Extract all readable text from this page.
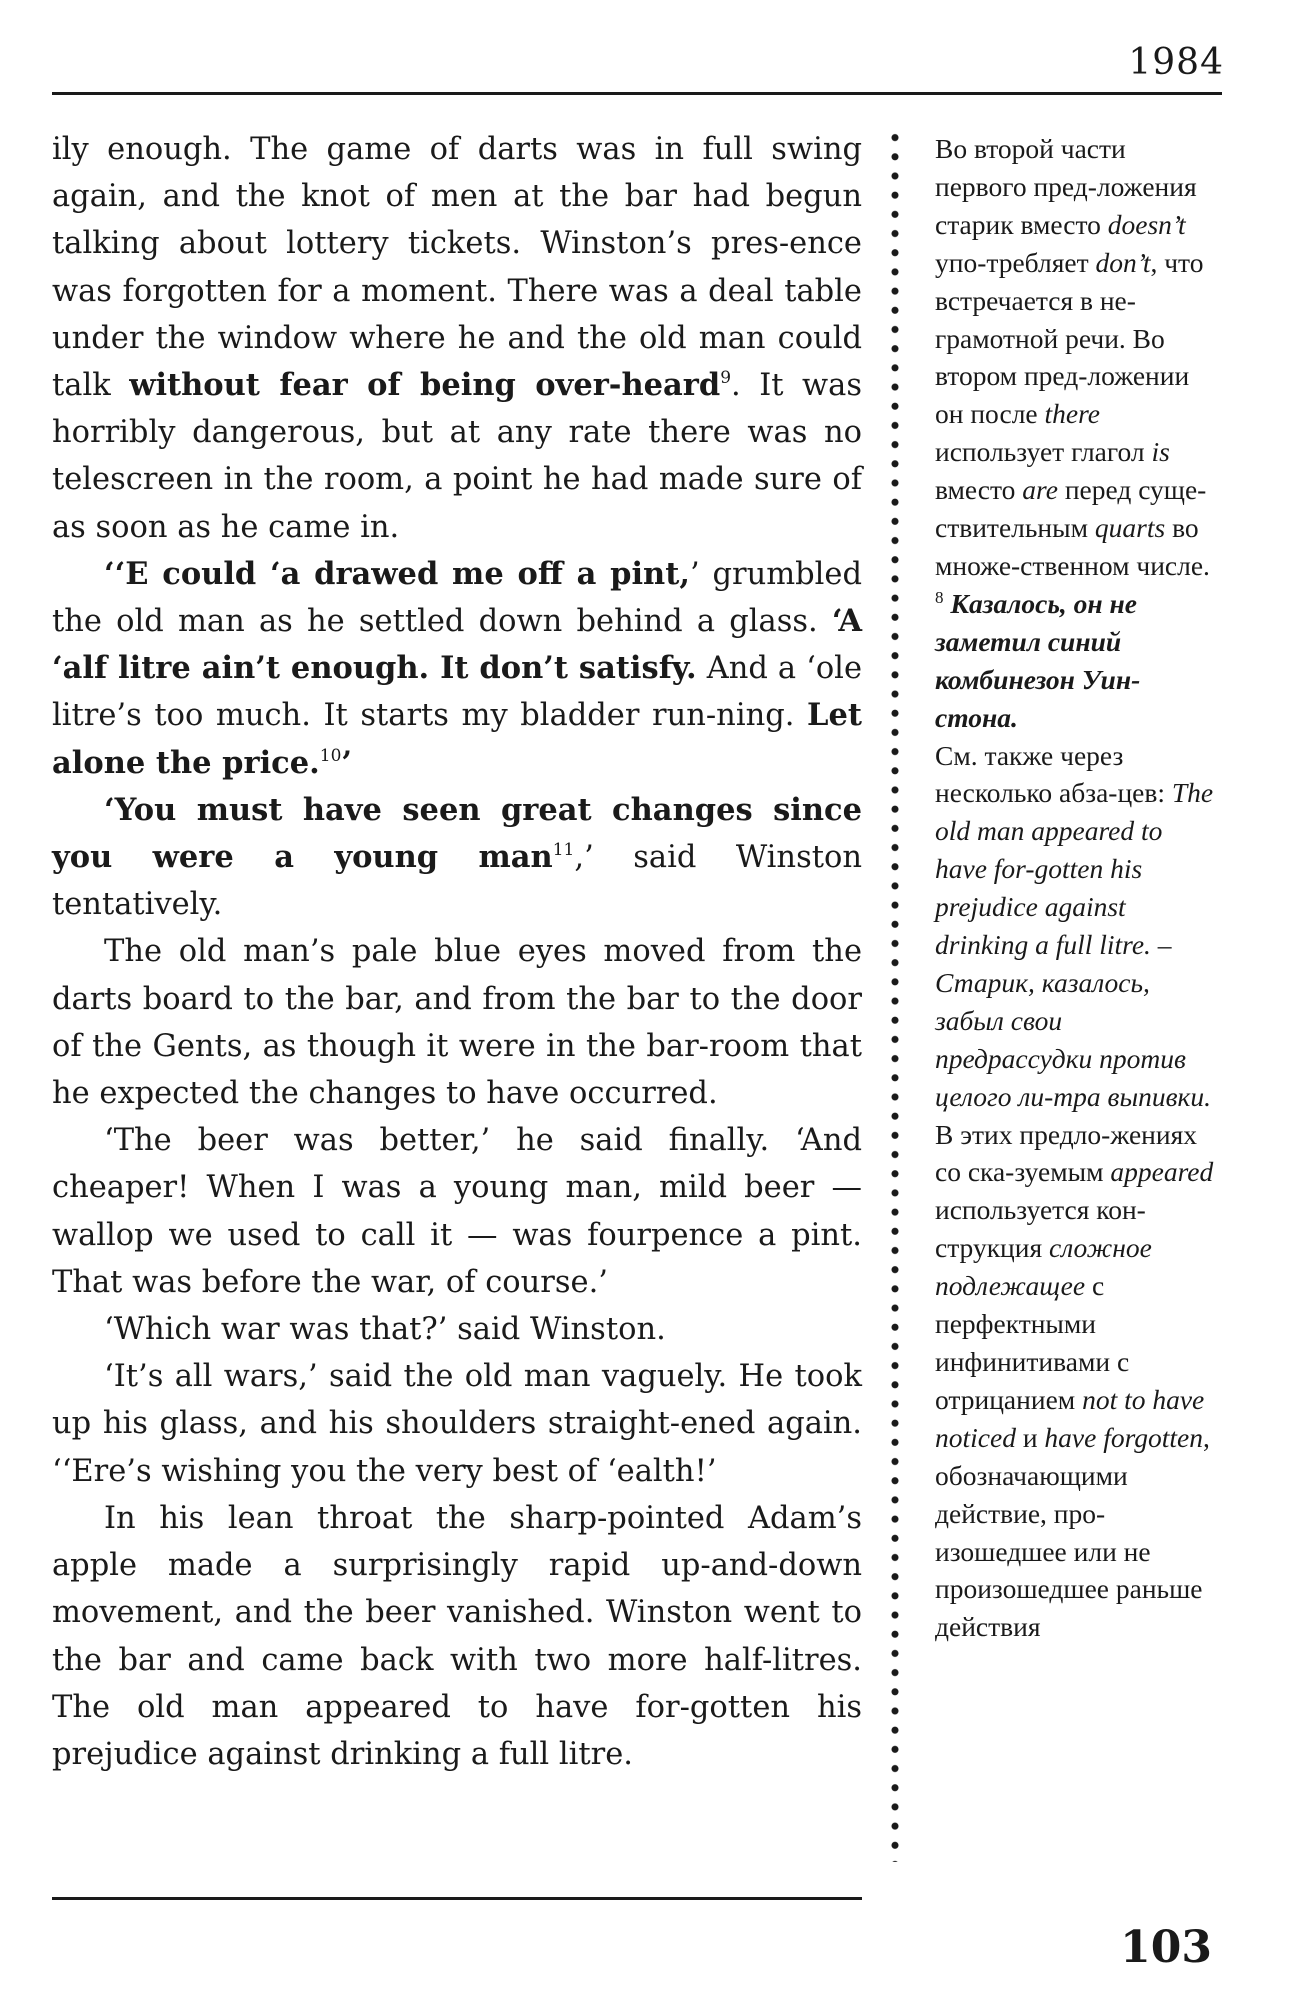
1984

ily enough. The game of darts was in full swing again, and the knot of men at the bar had begun talking about lottery tickets. Winston’s pres-ence was forgotten for a moment. There was a deal table under the window where he and the old man could talk without fear of being over-heard$^9$. It was horribly dangerous, but at any rate there was no telescreen in the room, a point he had made sure of as soon as he came in.

‘‘E could ‘a drawed me off a pint,’ grumbled the old man as he settled down behind a glass. ‘A ‘alf litre ain’t enough. It don’t satisfy. And a ‘ole litre’s too much. It starts my bladder run-ning. Let alone the price.$^{10}$’

‘You must have seen great changes since you were a young man$^{11}$,’ said Winston tentatively.

The old man’s pale blue eyes moved from the darts board to the bar, and from the bar to the door of the Gents, as though it were in the bar-room that he expected the changes to have occurred.

‘The beer was better,’ he said finally. ‘And cheaper! When I was a young man, mild beer — wallop we used to call it — was fourpence a pint. That was before the war, of course.’

‘Which war was that?’ said Winston.

‘It’s all wars,’ said the old man vaguely. He took up his glass, and his shoulders straight-ened again. ‘‘Ere’s wishing you the very best of ‘ealth!’

In his lean throat the sharp-pointed Adam’s apple made a surprisingly rapid up-and-down movement, and the beer vanished. Winston went to the bar and came back with two more half-litres. The old man appeared to have for-gotten his prejudice against drinking a full litre.

Во второй части первого пред-ложения старик вместо doesn’t упо-требляет don’t, что встречается в не-грамотной речи. Во втором пред-ложении он после there использует глагол is вместо are перед суще-ствительным quarts во множе-ственном числе.

$^8$ Казалось, он не заметил синий комбинезон Уин-стона.

См. также через несколько абза-цев: The old man appeared to have for-gotten his prejudice against drinking a full litre. – Старик, казалось, забыл свои предрассудки против целого ли-тра выпивки.

В этих предло-жениях со ска-зуемым appeared используется кон-струкция сложное подлежащее с перфектными инфинитивами с отрицанием not to have noticed и have forgotten, обозначающими действие, про-изошедшее или не произошедшее раньше действия

103
